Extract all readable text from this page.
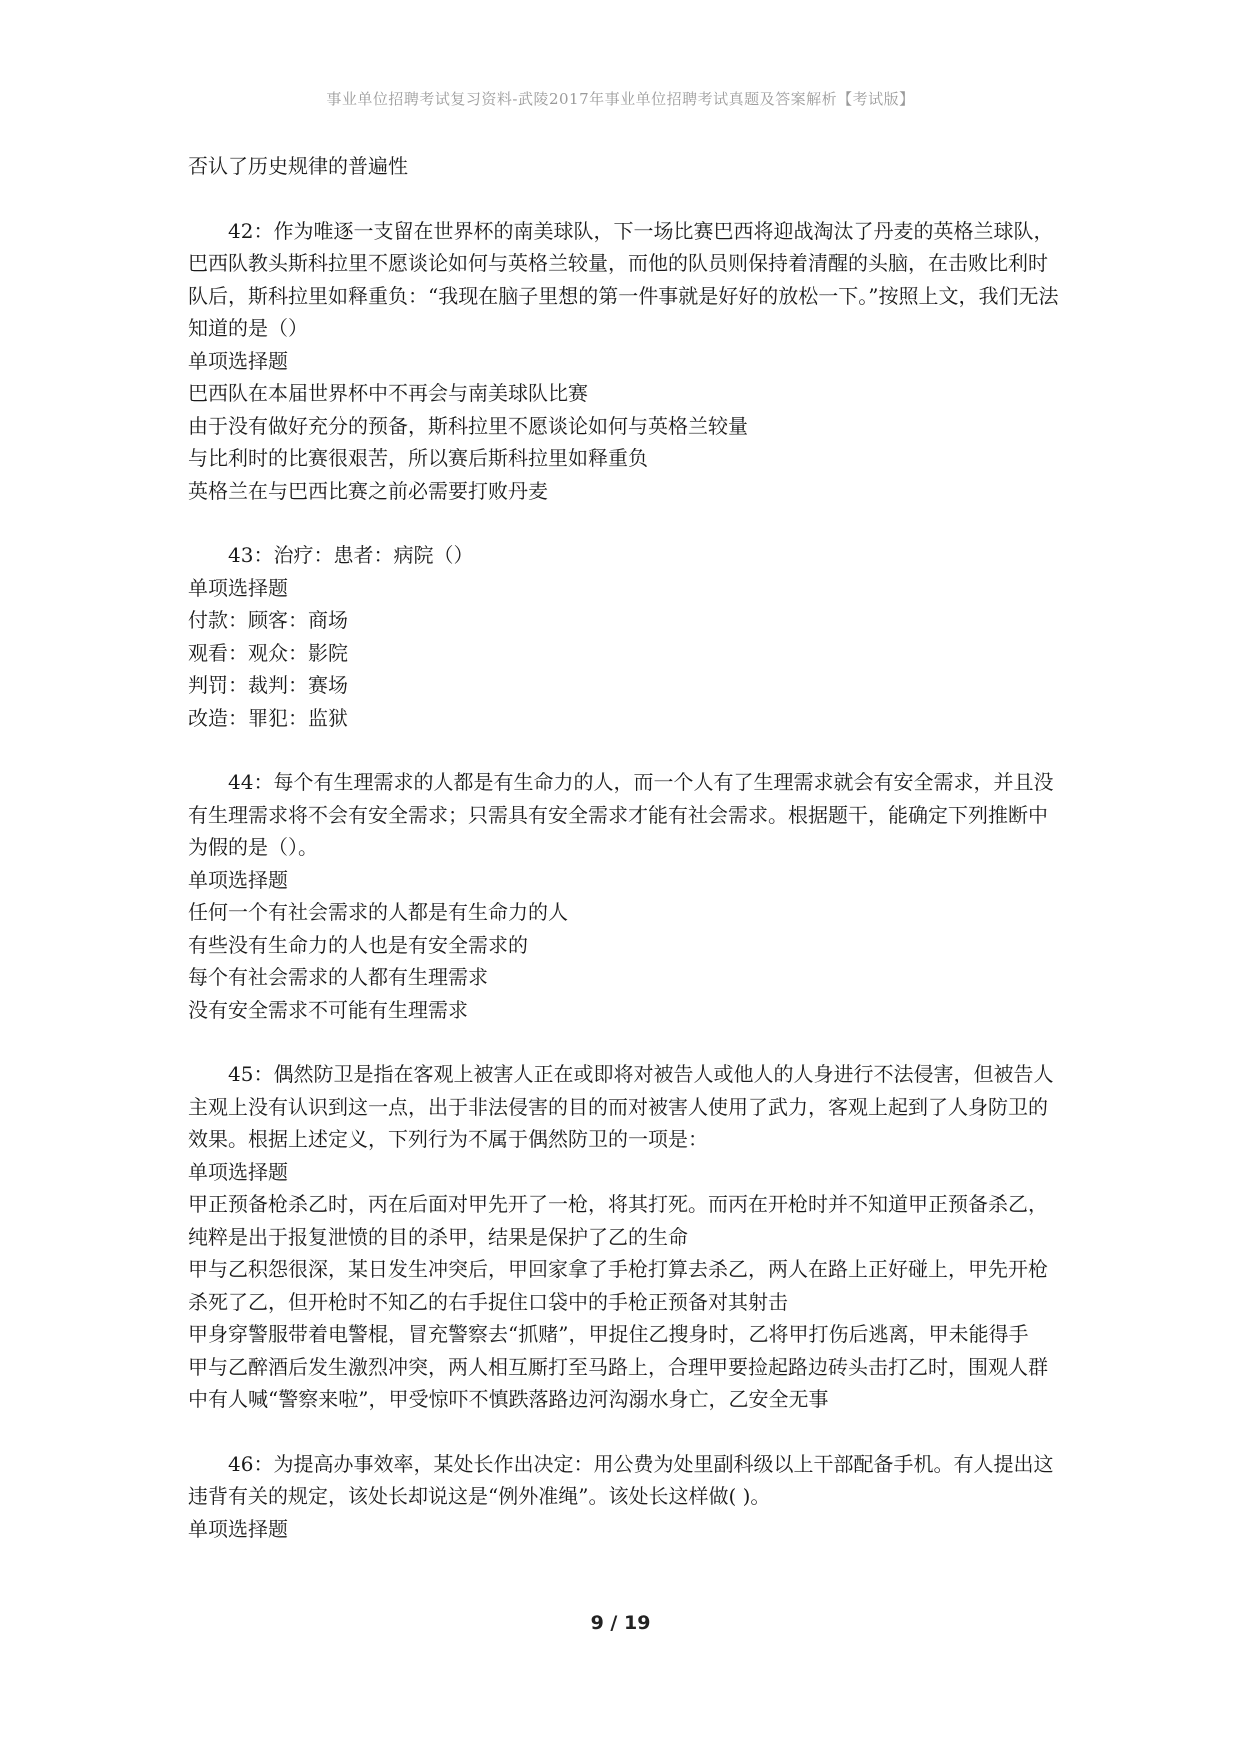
事业单位招聘考试复习资料-武陵2017年事业单位招聘考试真题及答案解析【考试版】

否认了历史规律的普遍性

42：作为唯逐一支留在世界杯的南美球队，下一场比赛巴西将迎战淘汰了丹麦的英格兰球队，巴西队教头斯科拉里不愿谈论如何与英格兰较量，而他的队员则保持着清醒的头脑，在击败比利时队后，斯科拉里如释重负：“我现在脑子里想的第一件事就是好好的放松一下。”按照上文，我们无法知道的是（）

单项选择题

巴西队在本届世界杯中不再会与南美球队比赛

由于没有做好充分的预备，斯科拉里不愿谈论如何与英格兰较量

与比利时的比赛很艰苦，所以赛后斯科拉里如释重负

英格兰在与巴西比赛之前必需要打败丹麦

43：治疗：患者：病院（）

单项选择题

付款：顾客：商场

观看：观众：影院

判罚：裁判：赛场

改造：罪犯：监狱

44：每个有生理需求的人都是有生命力的人，而一个人有了生理需求就会有安全需求，并且没有生理需求将不会有安全需求；只需具有安全需求才能有社会需求。根据题干，能确定下列推断中为假的是（）。

单项选择题

任何一个有社会需求的人都是有生命力的人

有些没有生命力的人也是有安全需求的

每个有社会需求的人都有生理需求

没有安全需求不可能有生理需求

45：偶然防卫是指在客观上被害人正在或即将对被告人或他人的人身进行不法侵害，但被告人主观上没有认识到这一点，出于非法侵害的目的而对被害人使用了武力，客观上起到了人身防卫的效果。根据上述定义，下列行为不属于偶然防卫的一项是：

单项选择题

甲正预备枪杀乙时，丙在后面对甲先开了一枪，将其打死。而丙在开枪时并不知道甲正预备杀乙，纯粹是出于报复泄愤的目的杀甲，结果是保护了乙的生命

甲与乙积怨很深，某日发生冲突后，甲回家拿了手枪打算去杀乙，两人在路上正好碰上，甲先开枪杀死了乙，但开枪时不知乙的右手捉住口袋中的手枪正预备对其射击

甲身穿警服带着电警棍，冒充警察去“抓赌”，甲捉住乙搜身时，乙将甲打伤后逃离，甲未能得手

甲与乙醉酒后发生激烈冲突，两人相互厮打至马路上，合理甲要捡起路边砖头击打乙时，围观人群中有人喊“警察来啦”，甲受惊吓不慎跌落路边河沟溺水身亡，乙安全无事

46：为提高办事效率，某处长作出决定：用公费为处里副科级以上干部配备手机。有人提出这违背有关的规定，该处长却说这是“例外准绳”。该处长这样做( )。

单项选择题

9 / 19
